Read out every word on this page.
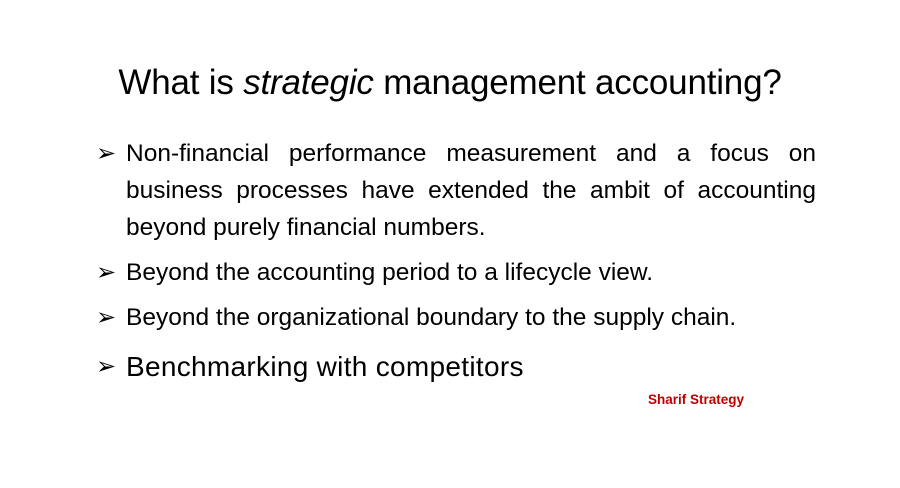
What is strategic management accounting?
➢ Non-financial performance measurement and a focus on business processes have extended the ambit of accounting beyond purely financial numbers.
➢ Beyond the accounting period to a lifecycle view.
➢ Beyond the organizational boundary to the supply chain.
➢ Benchmarking with competitors
Sharif Strategy
